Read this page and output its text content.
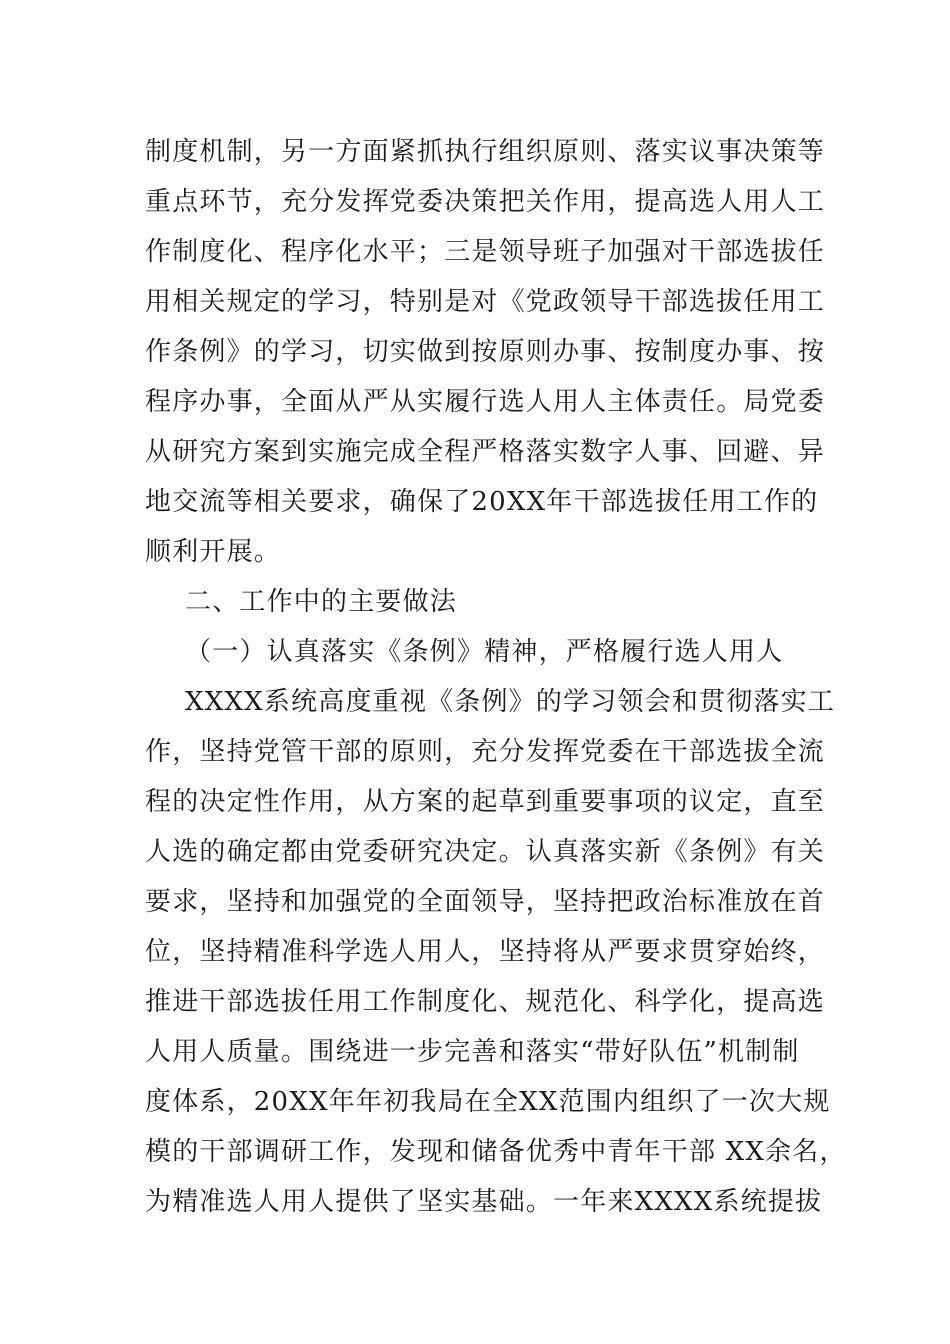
制度机制，另一方面紧抓执行组织原则、落实议事决策等
重点环节，充分发挥党委决策把关作用，提高选人用人工
作制度化、程序化水平；三是领导班子加强对干部选拔任
用相关规定的学习，特别是对《党政领导干部选拔任用工
作条例》的学习，切实做到按原则办事、按制度办事、按
程序办事，全面从严从实履行选人用人主体责任。局党委
从研究方案到实施完成全程严格落实数字人事、回避、异
地交流等相关要求，确保了20XX年干部选拔任用工作的
顺利开展。
二、工作中的主要做法
（一）认真落实《条例》精神，严格履行选人用人
XXXX系统高度重视《条例》的学习领会和贯彻落实工
作，坚持党管干部的原则，充分发挥党委在干部选拔全流
程的决定性作用，从方案的起草到重要事项的议定，直至
人选的确定都由党委研究决定。认真落实新《条例》有关
要求，坚持和加强党的全面领导，坚持把政治标准放在首
位，坚持精准科学选人用人，坚持将从严要求贯穿始终，
推进干部选拔任用工作制度化、规范化、科学化，提高选
人用人质量。围绕进一步完善和落实“带好队伍”机制制
度体系，20XX年年初我局在全XX范围内组织了一次大规
模的干部调研工作，发现和储备优秀中青年干部 XX余名，
为精准选人用人提供了坚实基础。一年来XXXX系统提拔
